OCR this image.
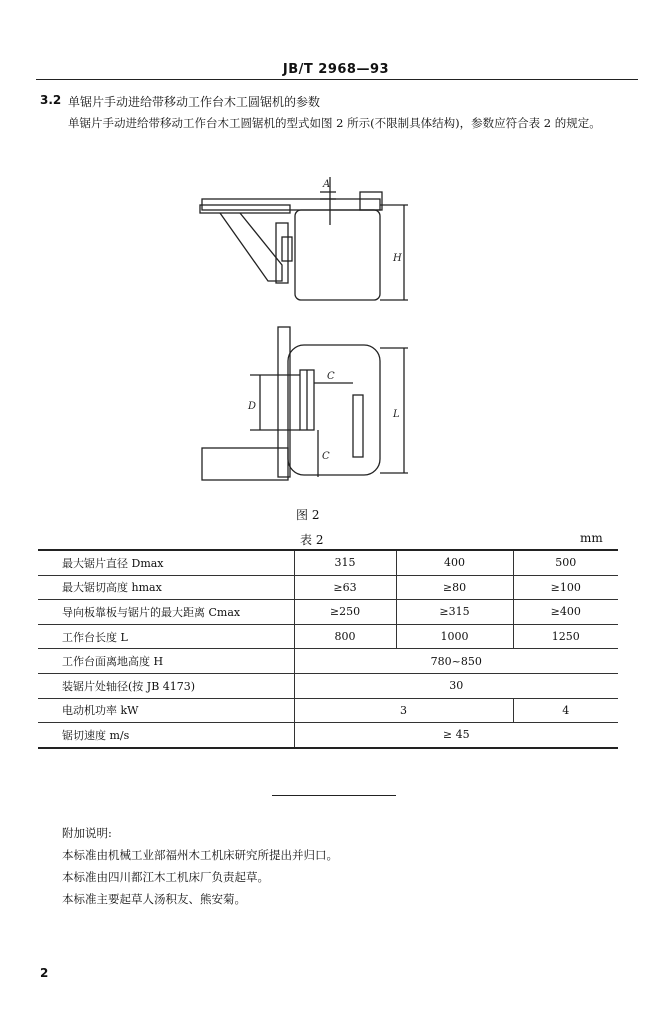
JB/T 2968—93
3.2 单锯片手动进给带移动工作台木工圆锯机的参数
单锯片手动进给带移动工作台木工圆锯机的型式如图 2 所示(不限制具体结构)，参数应符合表 2 的规定。
A
H
C
D
C
L
图 2
表 2	mm
最大锯片直径 Dmax	315	400	500
最大锯切高度 hmax	≥63	≥80	≥100
导向板靠板与锯片的最大距离 Cmax	≥250	≥315	≥400
工作台长度 L	800	1000	1250
工作台面离地高度 H	780~850		
装锯片处轴径(按 JB 4173)	30		
电动机功率 kW	3		4
锯切速度 m/s	≥ 45		
附加说明:
本标准由机械工业部福州木工机床研究所提出并归口。
本标准由四川都江木工机床厂负责起草。
本标准主要起草人汤积友、熊安菊。
2
